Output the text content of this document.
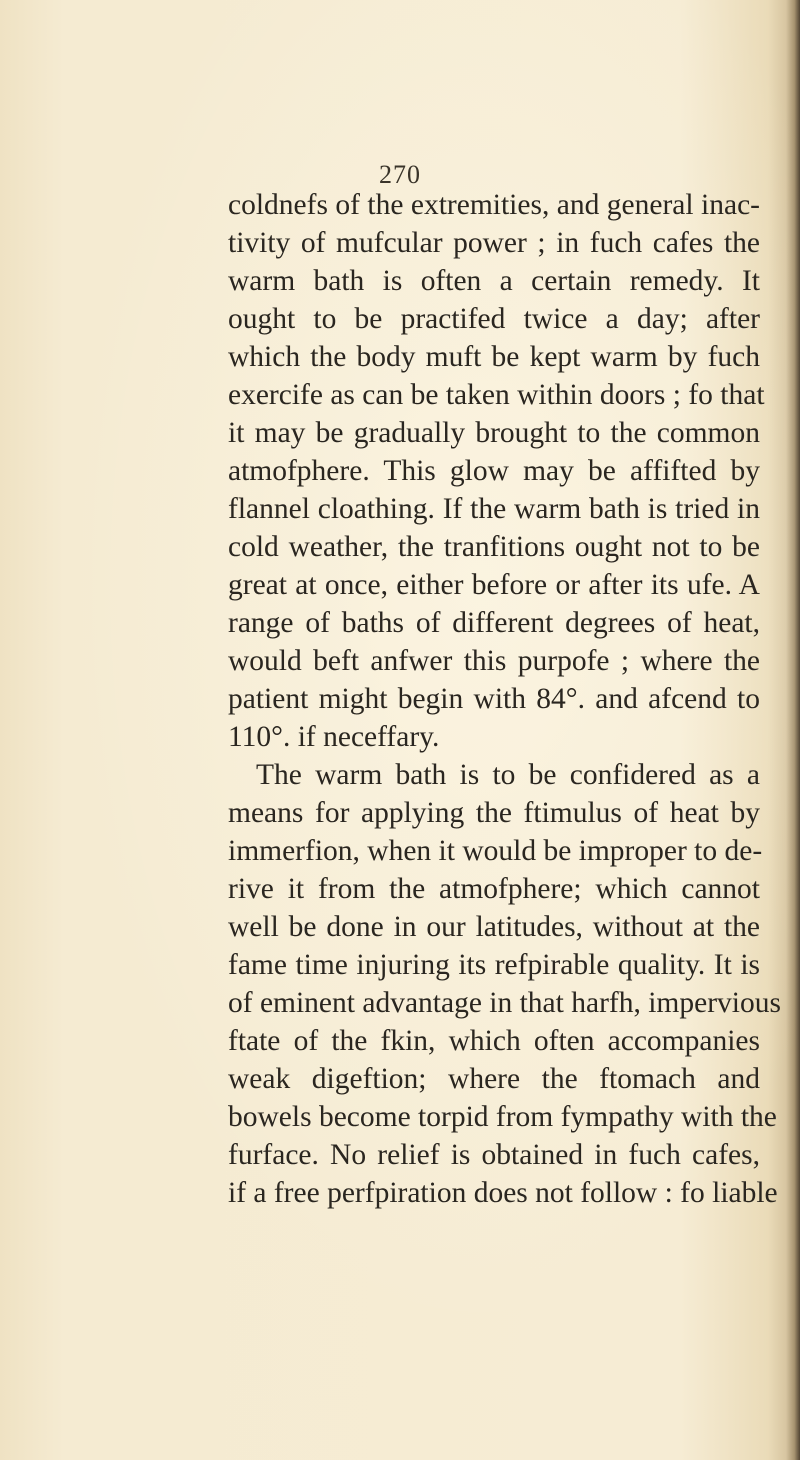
270
coldnefs of the extremities, and general inac-
tivity of mufcular power ; in fuch cafes the
warm bath is often a certain remedy. It
ought to be practifed twice a day; after
which the body muft be kept warm by fuch
exercife as can be taken within doors ; fo that
it may be gradually brought to the common
atmofphere. This glow may be affifted by
flannel cloathing. If the warm bath is tried in
cold weather, the tranfitions ought not to be
great at once, either before or after its ufe. A
range of baths of different degrees of heat,
would beft anfwer this purpofe ; where the
patient might begin with 84°. and afcend to
110°. if neceffary.
The warm bath is to be confidered as a
means for applying the ftimulus of heat by
immerfion, when it would be improper to de-
rive it from the atmofphere; which cannot
well be done in our latitudes, without at the
fame time injuring its refpirable quality. It is
of eminent advantage in that harfh, impervious
ftate of the fkin, which often accompanies
weak digeftion; where the ftomach and
bowels become torpid from fympathy with the
furface. No relief is obtained in fuch cafes,
if a free perfpiration does not follow : fo liable
